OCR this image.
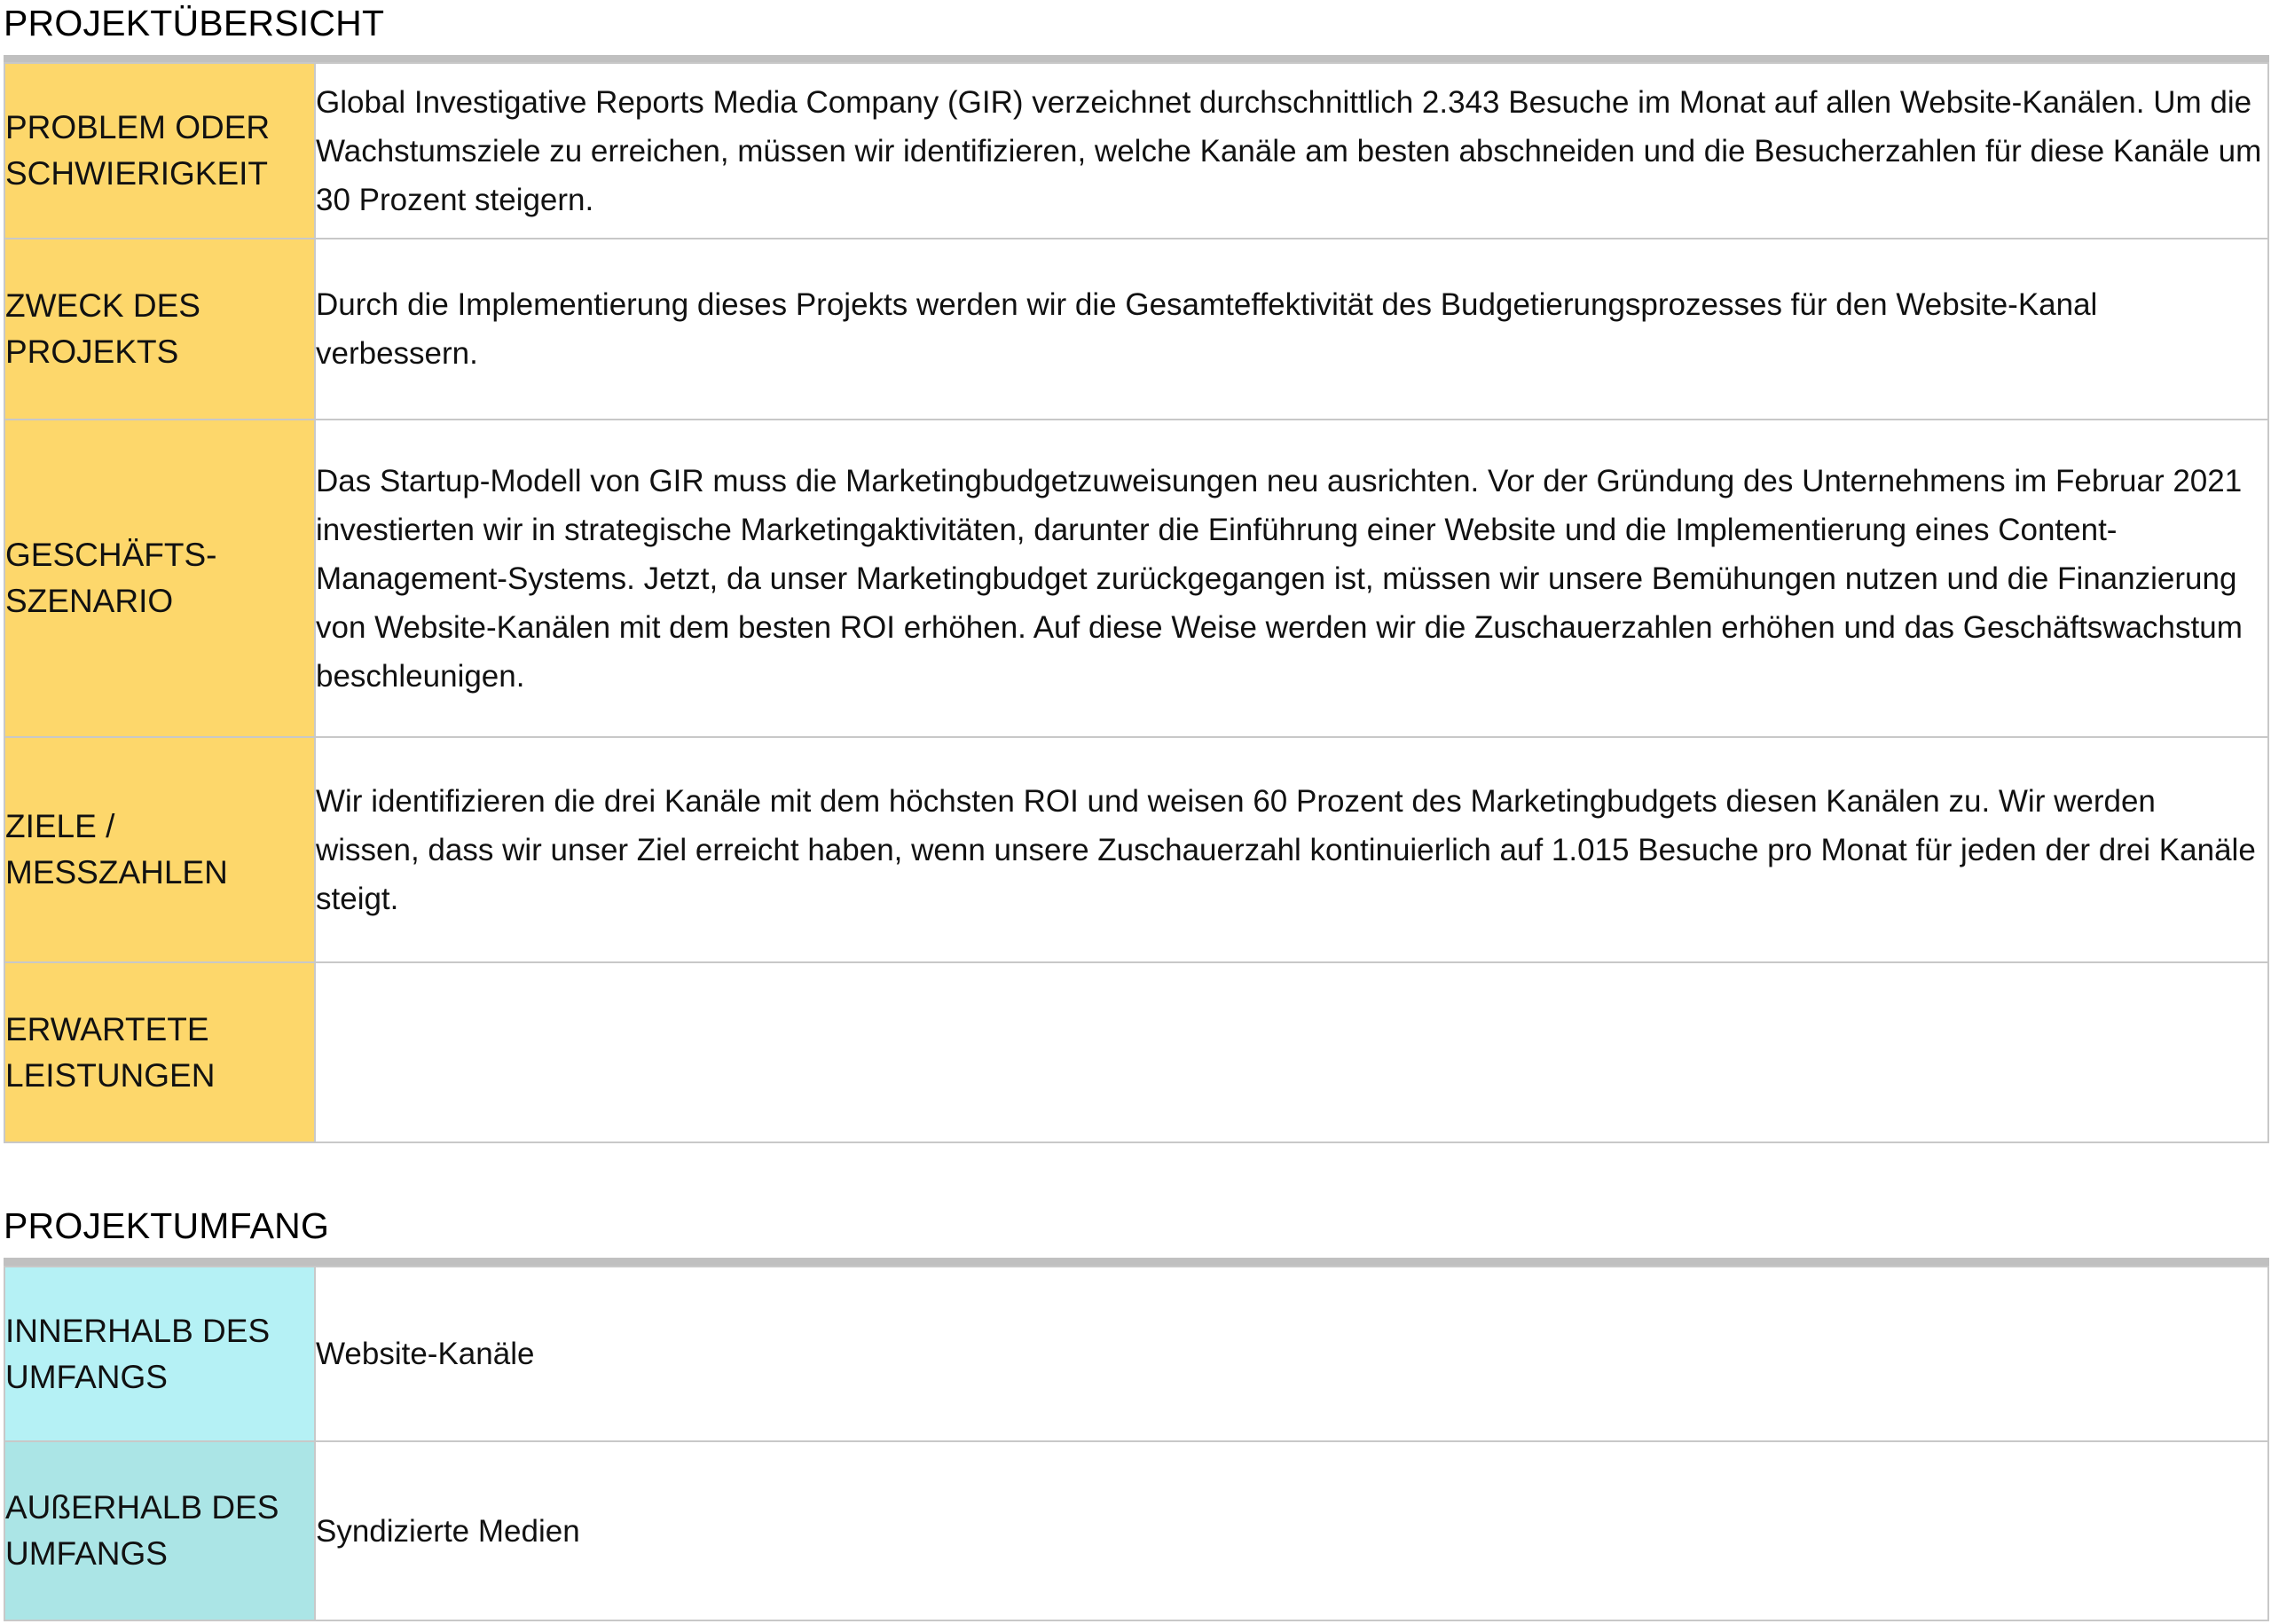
PROJEKTÜBERSICHT
PROBLEM ODER
SCHWIERIGKEIT	Global Investigative Reports Media Company (GIR) verzeichnet durchschnittlich 2.343 Besuche im Monat auf allen Website-Kanälen. Um die Wachstumsziele zu erreichen, müssen wir identifizieren, welche Kanäle am besten abschneiden und die Besucherzahlen für diese Kanäle um 30 Prozent steigern.

ZWECK DES
PROJEKTS	Durch die Implementierung dieses Projekts werden wir die Gesamteffektivität des Budgetierungsprozesses für den Website-Kanal verbessern.

GESCHÄFTS-
SZENARIO	Das Startup-Modell von GIR muss die Marketingbudgetzuweisungen neu ausrichten. Vor der Gründung des Unternehmens im Februar 2021 investierten wir in strategische Marketingaktivitäten, darunter die Einführung einer Website und die Implementierung eines Content-Management-Systems. Jetzt, da unser Marketingbudget zurückgegangen ist, müssen wir unsere Bemühungen nutzen und die Finanzierung von Website-Kanälen mit dem besten ROI erhöhen. Auf diese Weise werden wir die Zuschauerzahlen erhöhen und das Geschäftswachstum beschleunigen.

ZIELE /
MESSZAHLEN	Wir identifizieren die drei Kanäle mit dem höchsten ROI und weisen 60 Prozent des Marketingbudgets diesen Kanälen zu. Wir werden wissen, dass wir unser Ziel erreicht haben, wenn unsere Zuschauerzahl kontinuierlich auf 1.015 Besuche pro Monat für jeden der drei Kanäle steigt.

ERWARTETE
LEISTUNGEN	

PROJEKTUMFANG
INNERHALB DES
UMFANGS	Website-Kanäle

AUßERHALB DES
UMFANGS	Syndizierte Medien
